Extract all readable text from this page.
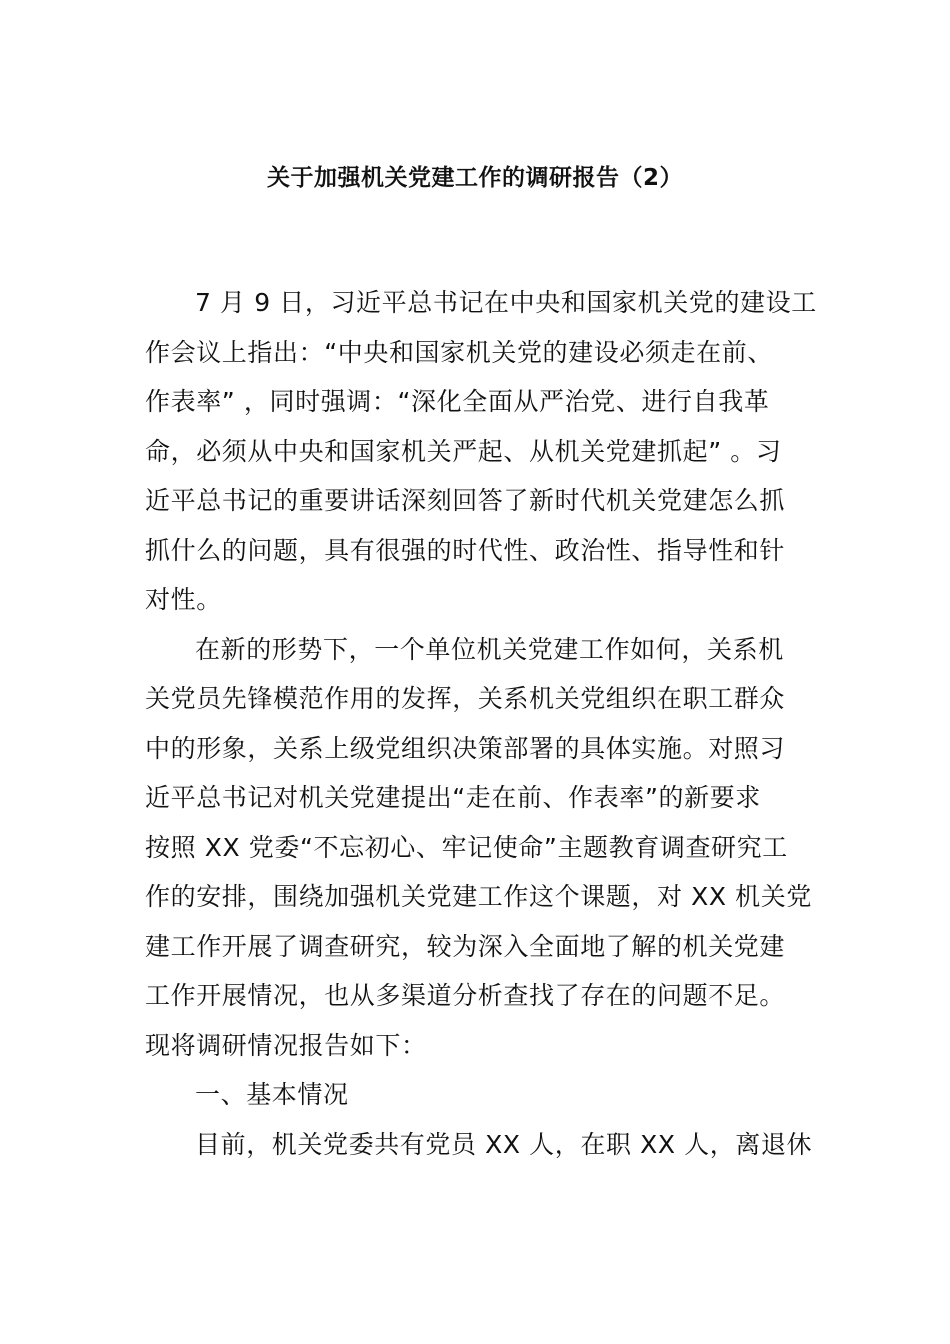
关于加强机关党建工作的调研报告（2）
7 月 9 日，习近平总书记在中央和国家机关党的建设工
作会议上指出：“中央和国家机关党的建设必须走在前、
作表率” ，同时强调：“深化全面从严治党、进行自我革
命，必须从中央和国家机关严起、从机关党建抓起” 。习
近平总书记的重要讲话深刻回答了新时代机关党建怎么抓
抓什么的问题，具有很强的时代性、政治性、指导性和针
对性。
在新的形势下，一个单位机关党建工作如何，关系机
关党员先锋模范作用的发挥，关系机关党组织在职工群众
中的形象，关系上级党组织决策部署的具体实施。对照习
近平总书记对机关党建提出“走在前、作表率”的新要求
按照 XX 党委“不忘初心、牢记使命”主题教育调查研究工
作的安排，围绕加强机关党建工作这个课题，对 XX 机关党
建工作开展了调查研究，较为深入全面地了解的机关党建
工作开展情况，也从多渠道分析查找了存在的问题不足。
现将调研情况报告如下：
一、基本情况
目前，机关党委共有党员 XX 人，在职 XX 人，离退休
